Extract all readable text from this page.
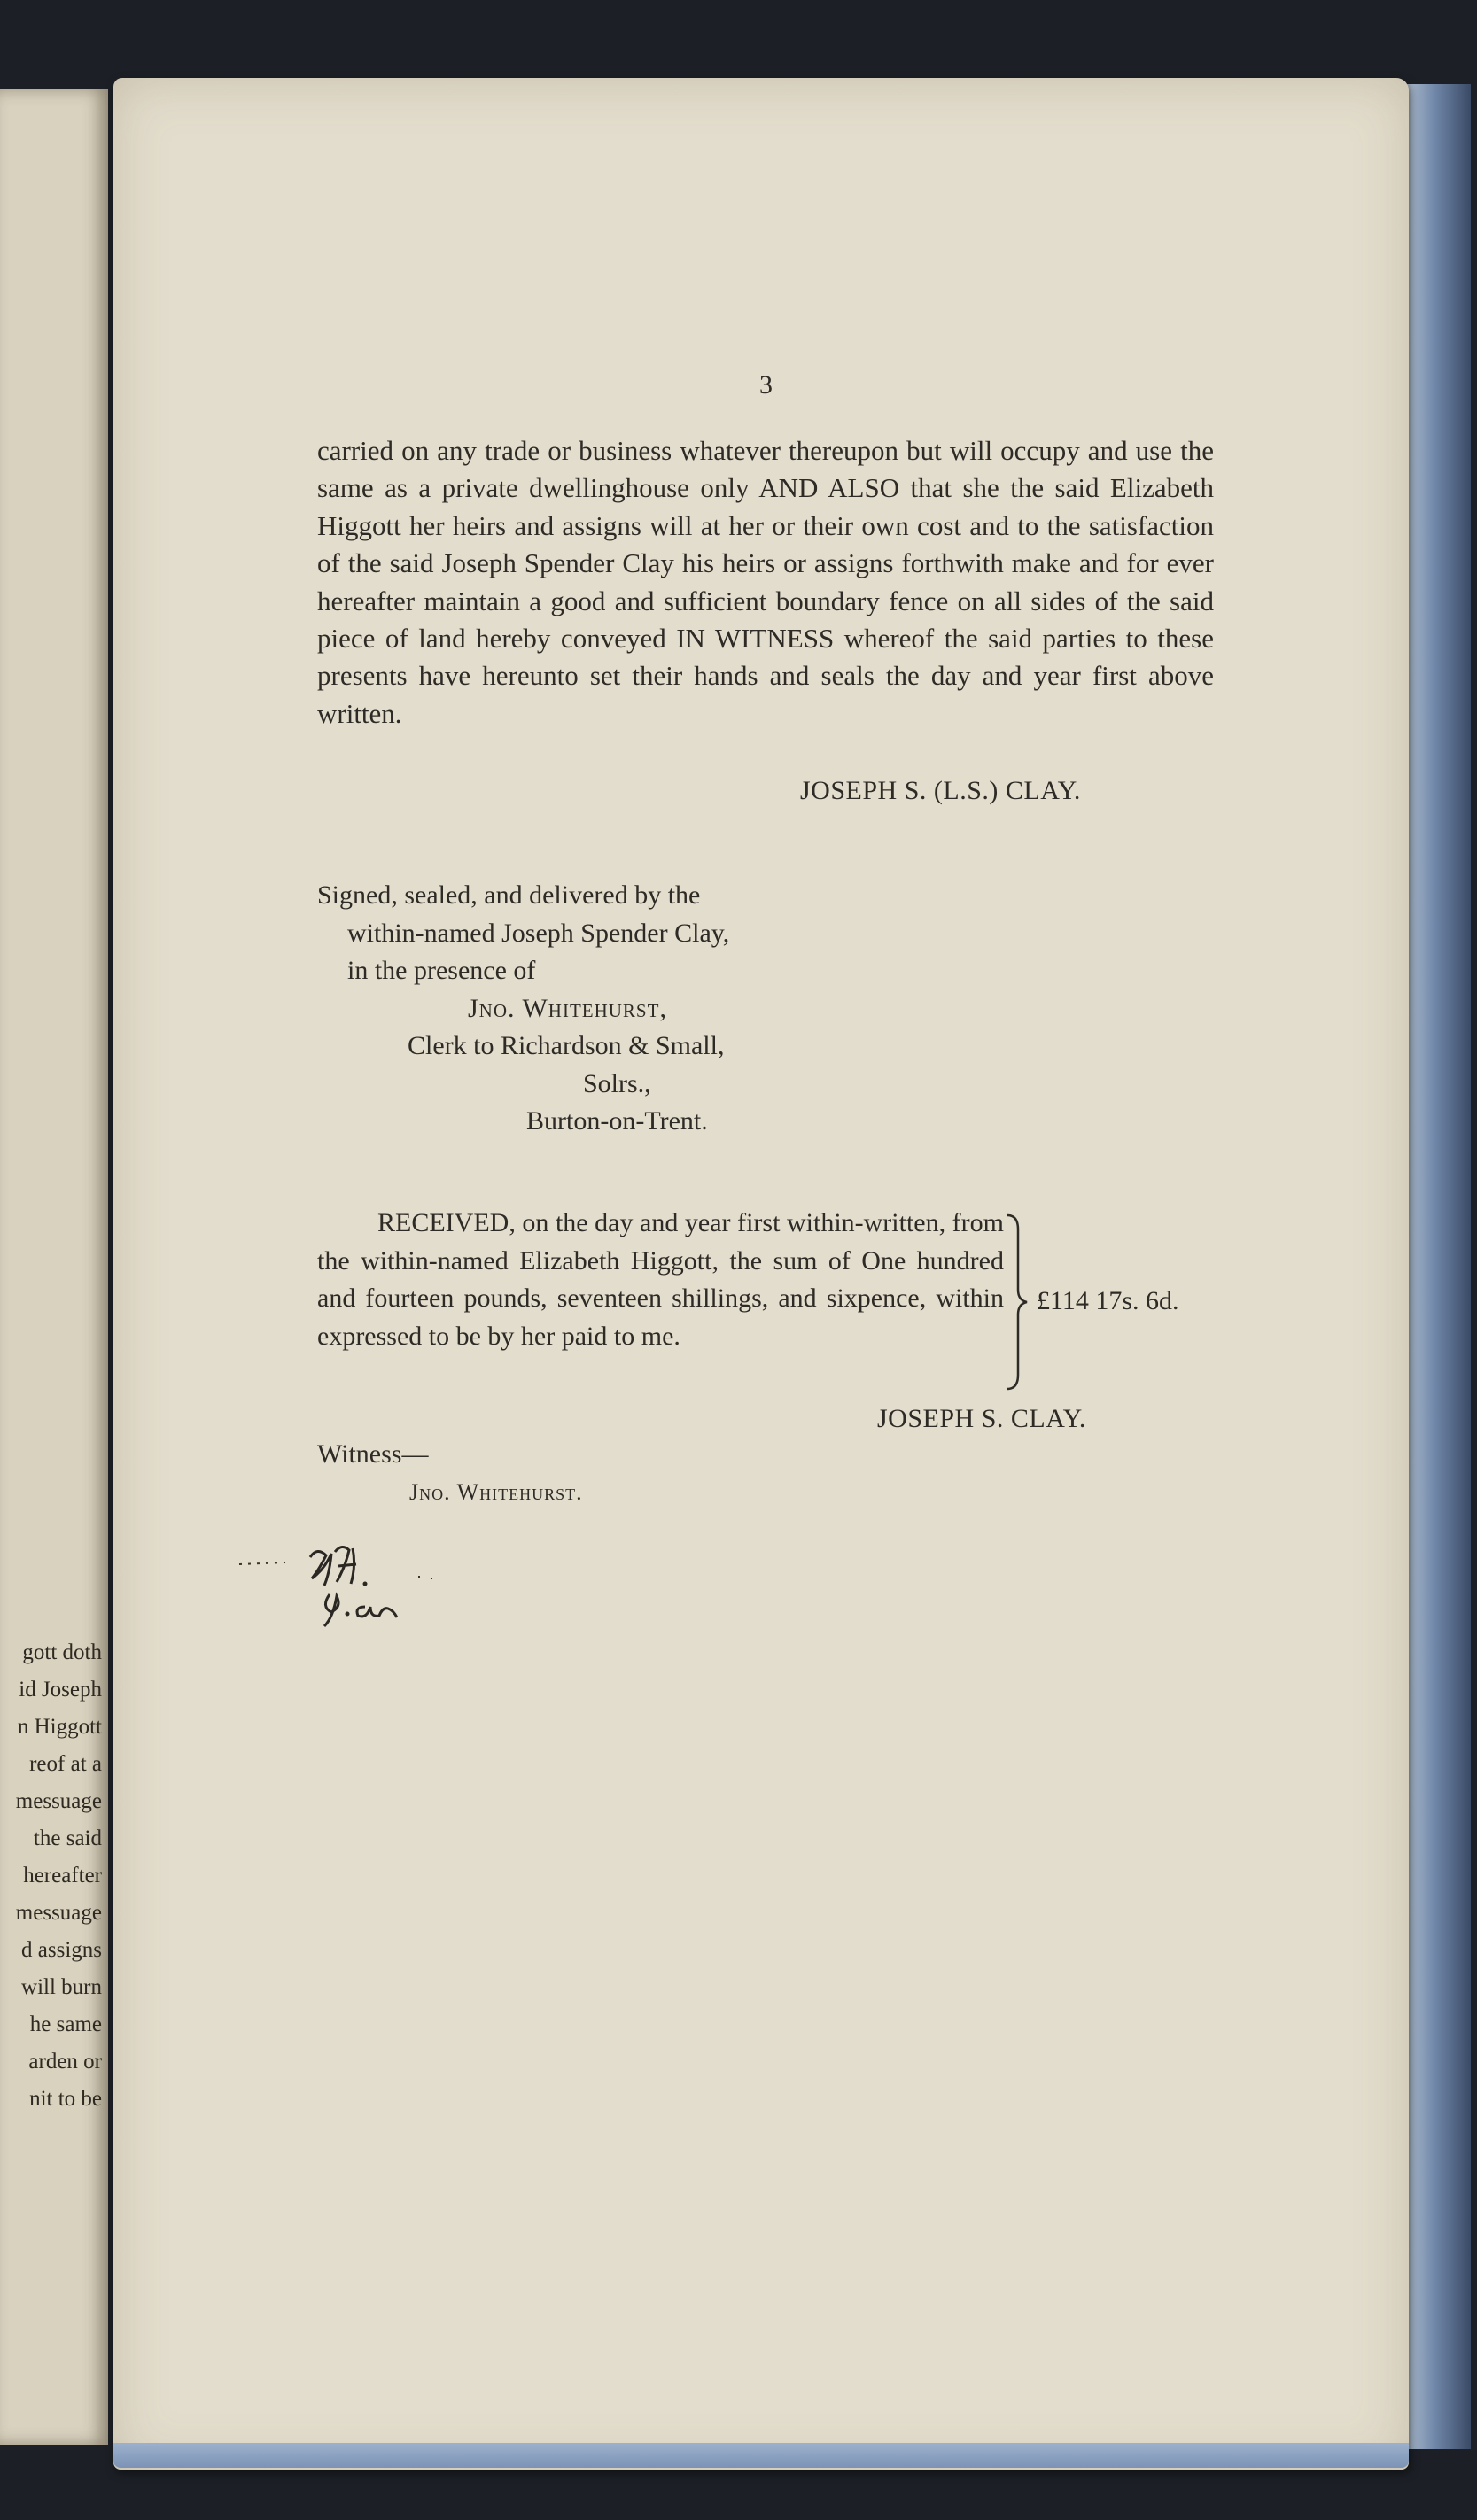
gott doth
id Joseph
n Higgott
reof at a
messuage
the said
hereafter
messuage
d assigns
will burn
he same
arden or
nit to be
3
carried on any trade or business whatever thereupon but will occupy and use the same as a private dwellinghouse only AND ALSO that she the said Elizabeth Higgott her heirs and assigns will at her or their own cost and to the satisfaction of the said Joseph Spender Clay his heirs or assigns forthwith make and for ever hereafter maintain a good and sufficient boundary fence on all sides of the said piece of land hereby conveyed IN WITNESS whereof the said parties to these presents have hereunto set their hands and seals the day and year first above written.
JOSEPH S. (L.S.) CLAY.
Signed, sealed, and delivered by the
within-named Joseph Spender Clay,
in the presence of
Jno. Whitehurst,
Clerk to Richardson & Small,
Solrs.,
Burton-on-Trent.
RECEIVED, on the day and year first within-written, from the within-named Elizabeth Higgott, the sum of One hundred and fourteen pounds, seventeen shillings, and sixpence, within expressed to be by her paid to me.
£114 17s. 6d.
JOSEPH S. CLAY.
Witness—
Jno. Whitehurst.
